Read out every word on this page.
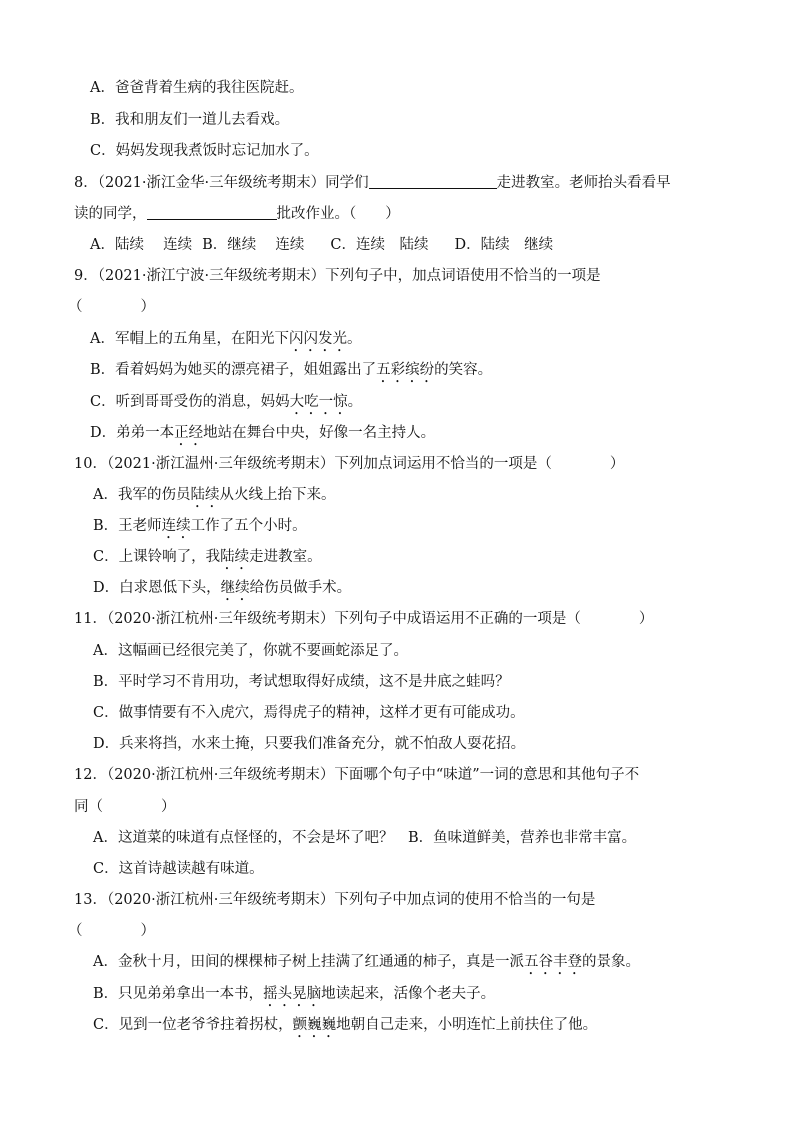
A．爸爸背着生病的我往医院赶。
B．我和朋友们一道儿去看戏。
C．妈妈发现我煮饭时忘记加水了。
8．（2021·浙江金华·三年级统考期末）同学们	走进教室。老师抬头看看早
读的同学，	批改作业。（　　）
A．陆续　 连续 B．继续　 连续 C．连续　陆续 D．陆续　继续
9．（2021·浙江宁波·三年级统考期末）下列句子中，加点词语使用不恰当的一项是
（　　　　）
A．军帽上的五角星，在阳光下闪闪发光。
B．看着妈妈为她买的漂亮裙子，姐姐露出了五彩缤纷的笑容。
C．听到哥哥受伤的消息，妈妈大吃一惊。
D．弟弟一本正经地站在舞台中央，好像一名主持人。
10．（2021·浙江温州·三年级统考期末）下列加点词运用不恰当的一项是（　　　　）
A．我军的伤员陆续从火线上抬下来。
B．王老师连续工作了五个小时。
C．上课铃响了，我陆续走进教室。
D．白求恩低下头，继续给伤员做手术。
11．（2020·浙江杭州·三年级统考期末）下列句子中成语运用不正确的一项是（　　　　）
A．这幅画已经很完美了，你就不要画蛇添足了。
B．平时学习不肯用功，考试想取得好成绩，这不是井底之蛙吗？
C．做事情要有不入虎穴，焉得虎子的精神，这样才更有可能成功。
D．兵来将挡，水来土掩，只要我们准备充分，就不怕敌人耍花招。
12．（2020·浙江杭州·三年级统考期末）下面哪个句子中“味道”一词的意思和其他句子不
同（　　　　）
A．这道菜的味道有点怪怪的，不会是坏了吧？　B．鱼味道鲜美，营养也非常丰富。
C．这首诗越读越有味道。
13．（2020·浙江杭州·三年级统考期末）下列句子中加点词的使用不恰当的一句是
（　　　　）
A．金秋十月，田间的棵棵柿子树上挂满了红通通的柿子，真是一派五谷丰登的景象。
B．只见弟弟拿出一本书，摇头晃脑地读起来，活像个老夫子。
C．见到一位老爷爷拄着拐杖，颤巍巍地朝自己走来，小明连忙上前扶住了他。
